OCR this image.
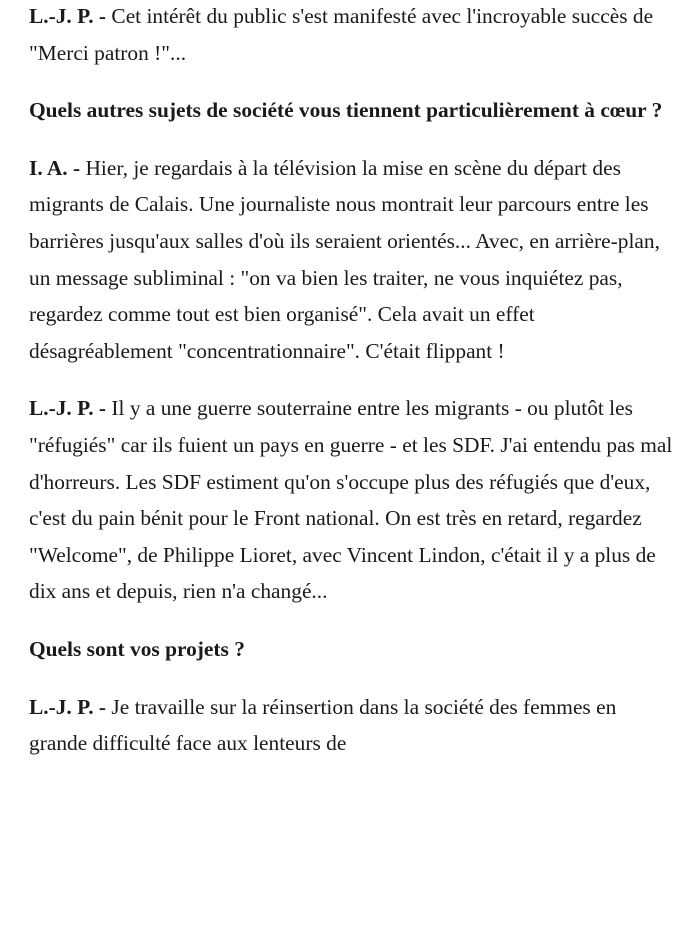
L.-J. P. - Cet intérêt du public s'est manifesté avec l'incroyable succès de "Merci patron !"...

Quels autres sujets de société vous tiennent particulièrement à cœur ?

I. A. - Hier, je regardais à la télévision la mise en scène du départ des migrants de Calais. Une journaliste nous montrait leur parcours entre les barrières jusqu'aux salles d'où ils seraient orientés... Avec, en arrière-plan, un message subliminal : "on va bien les traiter, ne vous inquiétez pas, regardez comme tout est bien organisé". Cela avait un effet désagréablement "concentrationnaire". C'était flippant !

L.-J. P. - Il y a une guerre souterraine entre les migrants - ou plutôt les "réfugiés" car ils fuient un pays en guerre - et les SDF. J'ai entendu pas mal d'horreurs. Les SDF estiment qu'on s'occupe plus des réfugiés que d'eux, c'est du pain bénit pour le Front national. On est très en retard, regardez "Welcome", de Philippe Lioret, avec Vincent Lindon, c'était il y a plus de dix ans et depuis, rien n'a changé...

Quels sont vos projets ?

L.-J. P. - Je travaille sur la réinsertion dans la société des femmes en grande difficulté face aux lenteurs de
